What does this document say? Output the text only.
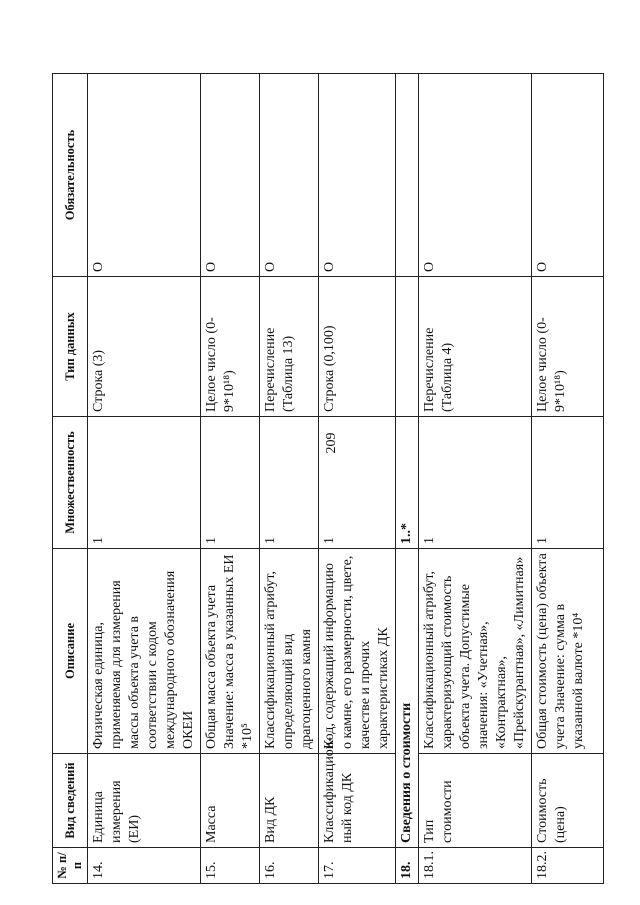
209
№ п/п	Вид сведений	Описание	Множественность	Тип данных	Обязательность
14.	Единица измерения (ЕИ)	Физическая единица, применяемая для измерения массы объекта учета в соответствии с кодом международного обозначения ОКЕИ	1	Строка (3)	O
15.	Масса	Общая масса объекта учета Значение: масса в указанных ЕИ *10⁵	1	Целое число (0-9*10¹⁸)	O
16.	Вид ДК	Классификационный атрибут, определяющий вид драгоценного камня	1	Перечисление (Таблица 13)	O
17.	Классификацион-ный код ДК	Код, содержащий информацию о камне, его размерности, цвете, качестве и прочих характеристиках ДК	1	Строка (0,100)	O
18.	Сведения о стоимости		1..*		
18.1.	Тип стоимости	Классификационный атрибут, характеризующий стоимость объекта учета. Допустимые значения: «Учетная», «Контрактная», «Прейскурантная», «Лимитная»	1	Перечисление (Таблица 4)	O
18.2.	Стоимость (цена)	Общая стоимость (цена) объекта учета Значение: сумма в указанной валюте *10⁴	1	Целое число (0-9*10¹⁸)	O
